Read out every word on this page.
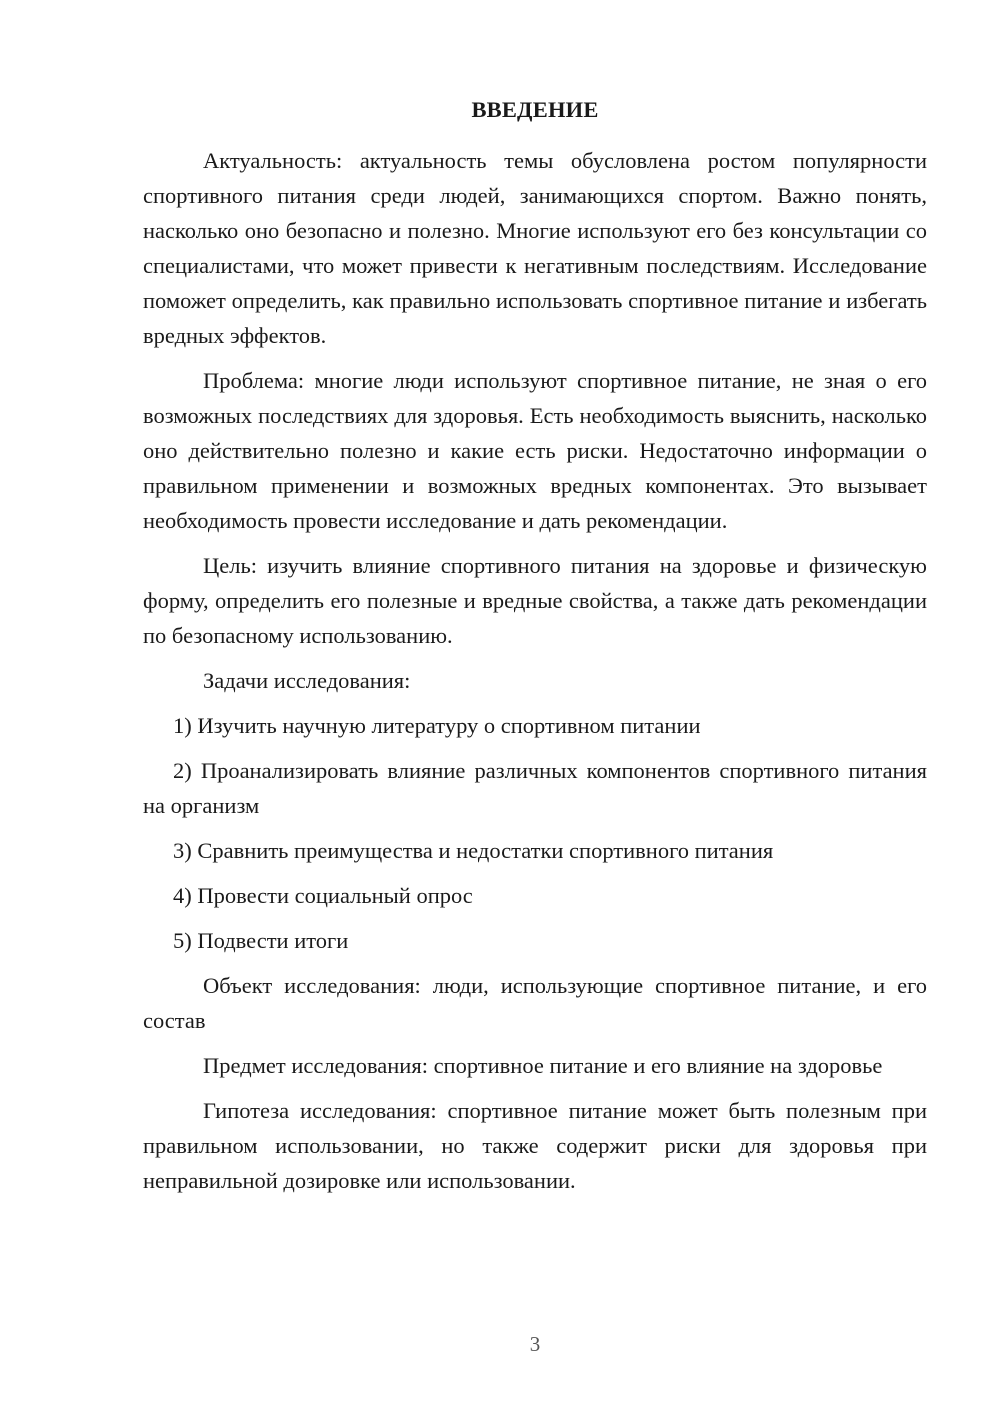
ВВЕДЕНИЕ

Актуальность: актуальность темы обусловлена ростом популярности спортивного питания среди людей, занимающихся спортом. Важно понять, насколько оно безопасно и полезно. Многие используют его без консультации со специалистами, что может привести к негативным последствиям. Исследование поможет определить, как правильно использовать спортивное питание и избегать вредных эффектов.

Проблема: многие люди используют спортивное питание, не зная о его возможных последствиях для здоровья. Есть необходимость выяснить, насколько оно действительно полезно и какие есть риски. Недостаточно информации о правильном применении и возможных вредных компонентах. Это вызывает необходимость провести исследование и дать рекомендации.

Цель: изучить влияние спортивного питания на здоровье и физическую форму, определить его полезные и вредные свойства, а также дать рекомендации по безопасному использованию.

Задачи исследования:

1) Изучить научную литературу о спортивном питании

2) Проанализировать влияние различных компонентов спортивного питания на организм

3) Сравнить преимущества и недостатки спортивного питания

4) Провести социальный опрос

5) Подвести итоги

Объект исследования: люди, использующие спортивное питание, и его состав

Предмет исследования: спортивное питание и его влияние на здоровье

Гипотеза исследования: спортивное питание может быть полезным при правильном использовании, но также содержит риски для здоровья при неправильной дозировке или использовании.

3
